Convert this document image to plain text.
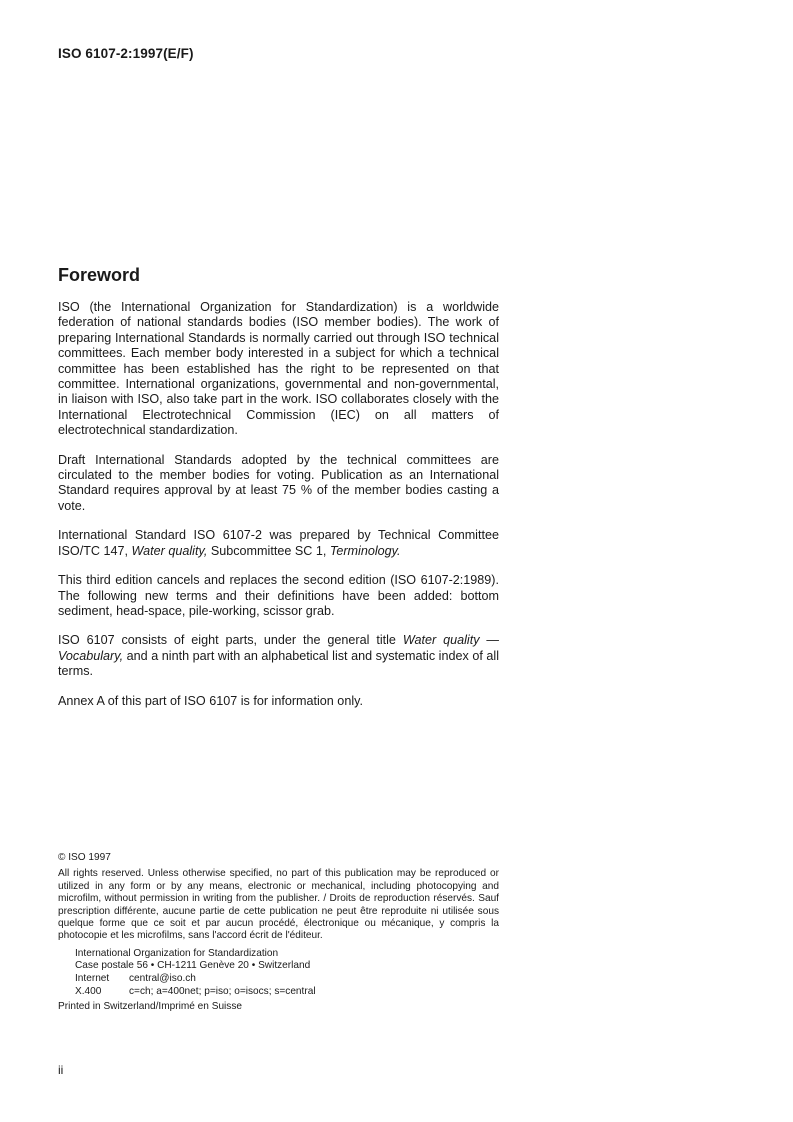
ISO 6107-2:1997(E/F)
Foreword

ISO (the International Organization for Standardization) is a worldwide federation of national standards bodies (ISO member bodies). The work of preparing International Standards is normally carried out through ISO technical committees. Each member body interested in a subject for which a technical committee has been established has the right to be represented on that committee. International organizations, governmental and non-governmental, in liaison with ISO, also take part in the work. ISO collaborates closely with the International Electrotechnical Commission (IEC) on all matters of electrotechnical standardization.

Draft International Standards adopted by the technical committees are circulated to the member bodies for voting. Publication as an International Standard requires approval by at least 75 % of the member bodies casting a vote.

International Standard ISO 6107-2 was prepared by Technical Committee ISO/TC 147, Water quality, Subcommittee SC 1, Terminology.

This third edition cancels and replaces the second edition (ISO 6107-2:1989). The following new terms and their definitions have been added: bottom sediment, head-space, pile-working, scissor grab.

ISO 6107 consists of eight parts, under the general title Water quality — Vocabulary, and a ninth part with an alphabetical list and systematic index of all terms.

Annex A of this part of ISO 6107 is for information only.

© ISO 1997

All rights reserved. Unless otherwise specified, no part of this publication may be reproduced or utilized in any form or by any means, electronic or mechanical, including photocopying and microfilm, without permission in writing from the publisher. / Droits de reproduction réservés. Sauf prescription différente, aucune partie de cette publication ne peut être reproduite ni utilisée sous quelque forme que ce soit et par aucun procédé, électronique ou mécanique, y compris la photocopie et les microfilms, sans l'accord écrit de l'éditeur.

International Organization for Standardization
Case postale 56 • CH-1211 Genève 20 • Switzerland
Internet central@iso.ch
X.400	c=ch; a=400net; p=iso; o=isocs; s=central
Printed in Switzerland/Imprimé en Suisse
ii
